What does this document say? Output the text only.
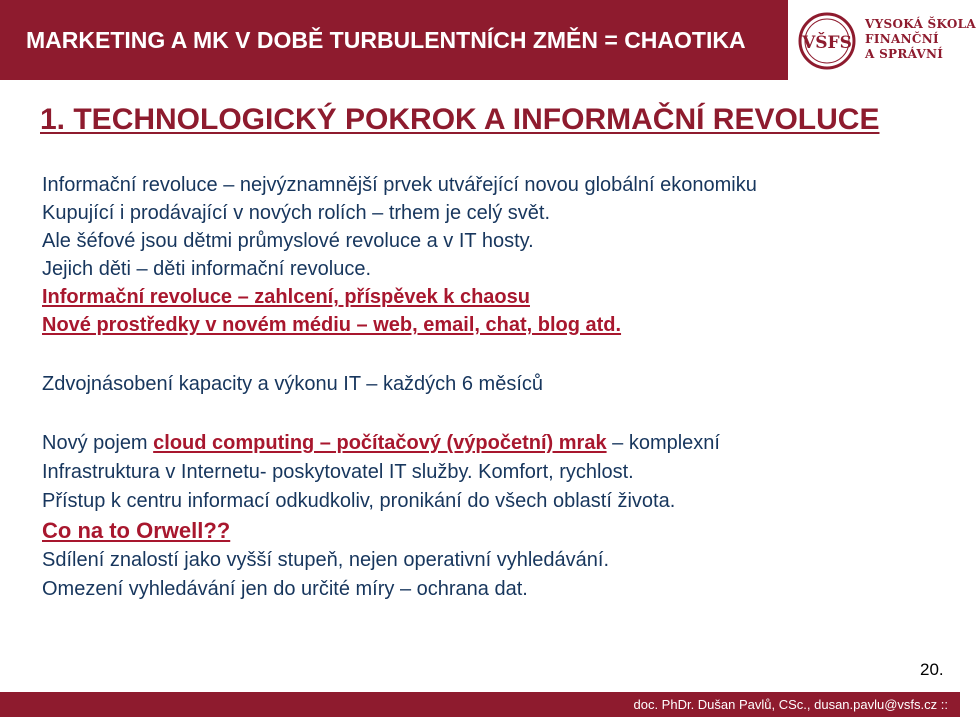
MARKETING A MK V DOBĚ TURBULENTNÍCH ZMĚN = CHAOTIKA	VŠFS
VYSOKÁ ŠKOLA
FINANČNÍ
A SPRÁVNÍ
1. TECHNOLOGICKÝ POKROK A INFORMAČNÍ REVOLUCE
Informační revoluce – nejvýznamnější prvek utvářející novou globální ekonomiku
Kupující i prodávající v nových rolích – trhem je celý svět.
Ale šéfové jsou dětmi průmyslové revoluce a v IT hosty.
Jejich děti – děti informační revoluce.
Informační revoluce – zahlcení, příspěvek k chaosu
Nové prostředky v novém médiu – web, email, chat, blog atd.
Zdvojnásobení kapacity a výkonu IT – každých 6 měsíců
Nový pojem cloud computing – počítačový (výpočetní) mrak – komplexní
Infrastruktura v Internetu- poskytovatel IT služby. Komfort, rychlost.
Přístup k centru informací odkudkoliv, pronikání do všech oblastí života.
Co na to Orwell??
Sdílení znalostí jako vyšší stupeň, nejen operativní vyhledávání.
Omezení vyhledávání jen do určité míry – ochrana dat.
20.
doc. PhDr. Dušan Pavlů, CSc., dusan.pavlu@vsfs.cz ::
